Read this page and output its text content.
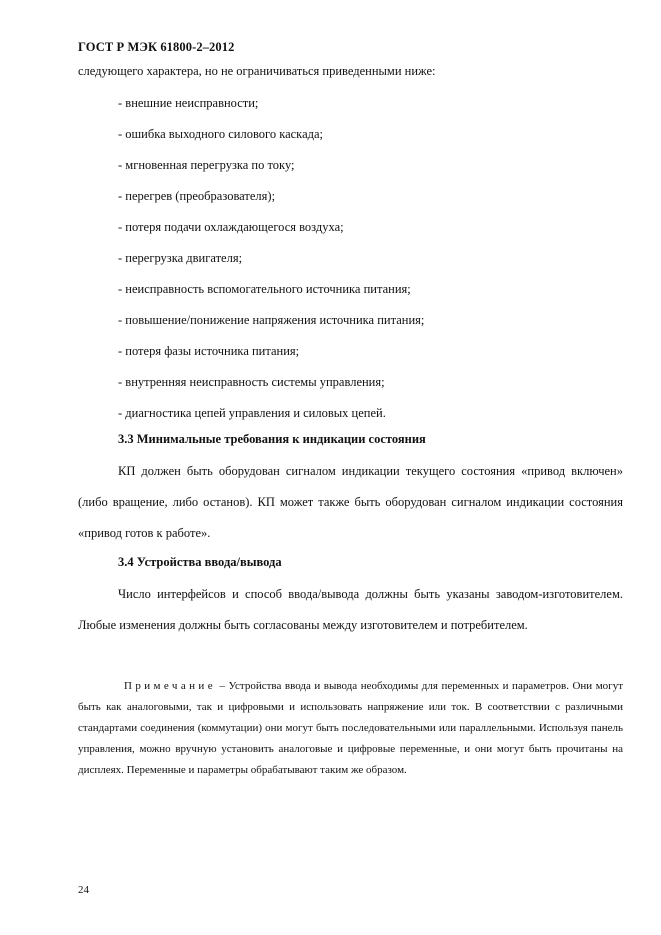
ГОСТ Р МЭК 61800-2–2012
следующего характера, но не ограничиваться приведенными ниже:
- внешние неисправности;
- ошибка выходного силового каскада;
- мгновенная перегрузка по току;
- перегрев (преобразователя);
- потеря подачи охлаждающегося воздуха;
- перегрузка двигателя;
- неисправность вспомогательного источника питания;
- повышение/понижение напряжения источника питания;
- потеря фазы источника питания;
- внутренняя неисправность системы управления;
- диагностика цепей управления и силовых цепей.
3.3 Минимальные требования к индикации состояния

КП должен быть оборудован сигналом индикации текущего состояния «привод включен» (либо вращение, либо останов). КП может также быть оборудован сигналом индикации состояния «привод готов к работе».

3.4 Устройства ввода/вывода

Число интерфейсов и способ ввода/вывода должны быть указаны заводом-изготовителем. Любые изменения должны быть согласованы между изготовителем и потребителем.

Примечание – Устройства ввода и вывода необходимы для переменных и параметров. Они могут быть как аналоговыми, так и цифровыми и использовать напряжение или ток. В соответствии с различными стандартами соединения (коммутации) они могут быть последовательными или параллельными. Используя панель управления, можно вручную установить аналоговые и цифровые переменные, и они могут быть прочитаны на дисплеях. Переменные и параметры обрабатывают таким же образом.

24
